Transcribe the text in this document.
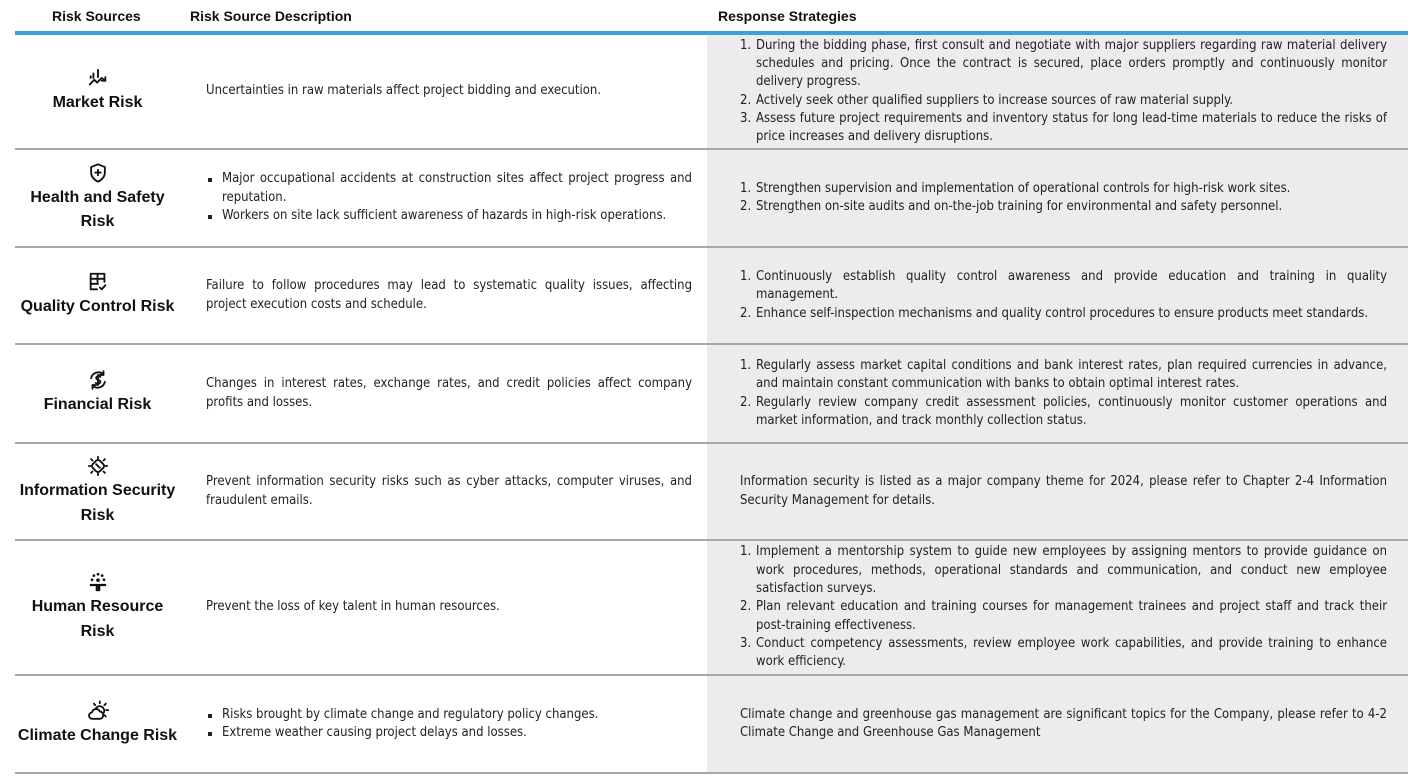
Risk Sources	Risk Source Description	Response Strategies
Market Risk
Uncertainties in raw materials affect project bidding and execution.
1. During the bidding phase, first consult and negotiate with major suppliers regarding raw material delivery schedules and pricing. Once the contract is secured, place orders promptly and continuously monitor delivery progress.
2. Actively seek other qualified suppliers to increase sources of raw material supply.
3. Assess future project requirements and inventory status for long lead-time materials to reduce the risks of price increases and delivery disruptions.
Health and Safety Risk
Major occupational accidents at construction sites affect project progress and reputation.
Workers on site lack sufficient awareness of hazards in high-risk operations.
1. Strengthen supervision and implementation of operational controls for high-risk work sites.
2. Strengthen on-site audits and on-the-job training for environmental and safety personnel.
Quality Control Risk
Failure to follow procedures may lead to systematic quality issues, affecting project execution costs and schedule.
1. Continuously establish quality control awareness and provide education and training in quality management.
2. Enhance self-inspection mechanisms and quality control procedures to ensure products meet standards.
Financial Risk
Changes in interest rates, exchange rates, and credit policies affect company profits and losses.
1. Regularly assess market capital conditions and bank interest rates, plan required currencies in advance, and maintain constant communication with banks to obtain optimal interest rates.
2. Regularly review company credit assessment policies, continuously monitor customer operations and market information, and track monthly collection status.
Information Security Risk
Prevent information security risks such as cyber attacks, computer viruses, and fraudulent emails.
Information security is listed as a major company theme for 2024, please refer to Chapter 2-4 Information Security Management for details.
Human Resource Risk
Prevent the loss of key talent in human resources.
1. Implement a mentorship system to guide new employees by assigning mentors to provide guidance on work procedures, methods, operational standards and communication, and conduct new employee satisfaction surveys.
2. Plan relevant education and training courses for management trainees and project staff and track their post-training effectiveness.
3. Conduct competency assessments, review employee work capabilities, and provide training to enhance work efficiency.
Climate Change Risk
Risks brought by climate change and regulatory policy changes.
Extreme weather causing project delays and losses.
Climate change and greenhouse gas management are significant topics for the Company, please refer to 4-2 Climate Change and Greenhouse Gas Management
